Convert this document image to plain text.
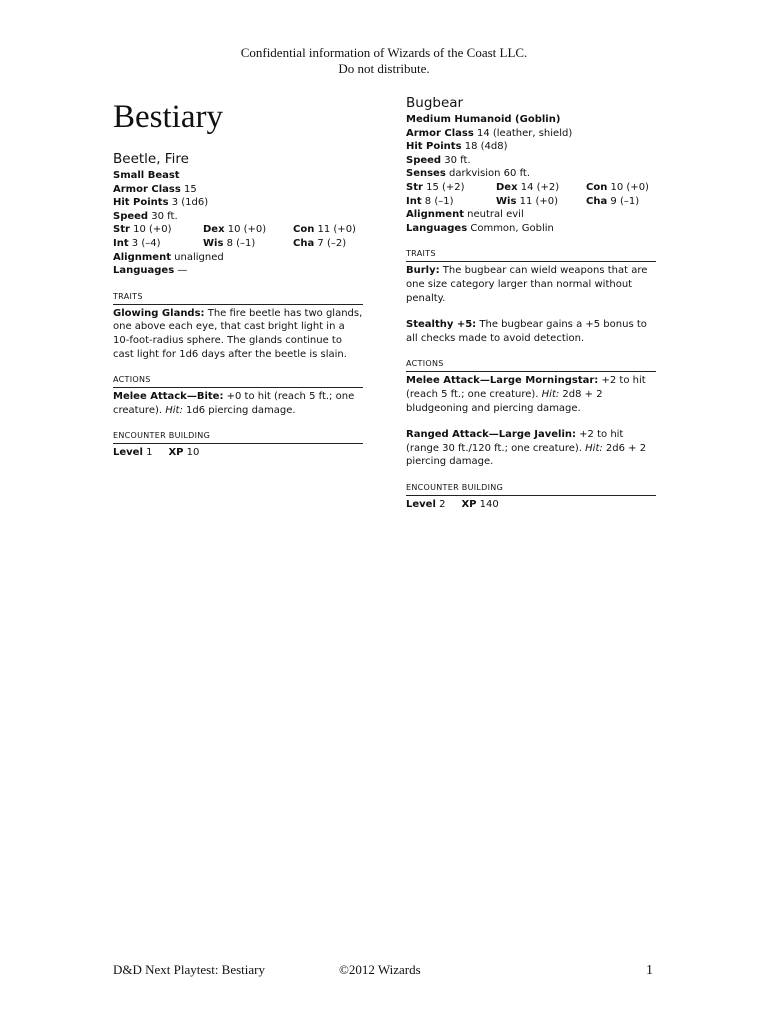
Confidential information of Wizards of the Coast LLC.
Do not distribute.
Bestiary
Beetle, Fire
Small Beast
Armor Class 15
Hit Points 3 (1d6)
Speed 30 ft.
Str 10 (+0)	Dex 10 (+0)	Con 11 (+0)
Int 3 (–4)	Wis 8 (–1)	Cha 7 (–2)
Alignment unaligned
Languages —
TRAITS
Glowing Glands: The fire beetle has two glands, one above each eye, that cast bright light in a 10-foot-radius sphere. The glands continue to cast light for 1d6 days after the beetle is slain.
ACTIONS
Melee Attack—Bite: +0 to hit (reach 5 ft.; one creature). Hit: 1d6 piercing damage.
ENCOUNTER BUILDING
Level 1 XP 10
Bugbear
Medium Humanoid (Goblin)
Armor Class 14 (leather, shield)
Hit Points 18 (4d8)
Speed 30 ft.
Senses darkvision 60 ft.
Str 15 (+2)	Dex 14 (+2)	Con 10 (+0)
Int 8 (–1)	Wis 11 (+0)	Cha 9 (–1)
Alignment neutral evil
Languages Common, Goblin
TRAITS
Burly: The bugbear can wield weapons that are one size category larger than normal without penalty.
Stealthy +5: The bugbear gains a +5 bonus to all checks made to avoid detection.
ACTIONS
Melee Attack—Large Morningstar: +2 to hit (reach 5 ft.; one creature). Hit: 2d8 + 2 bludgeoning and piercing damage.
Ranged Attack—Large Javelin: +2 to hit (range 30 ft./120 ft.; one creature). Hit: 2d6 + 2 piercing damage.
ENCOUNTER BUILDING
Level 2 XP 140
D&D Next Playtest: Bestiary	©2012 Wizards	1
